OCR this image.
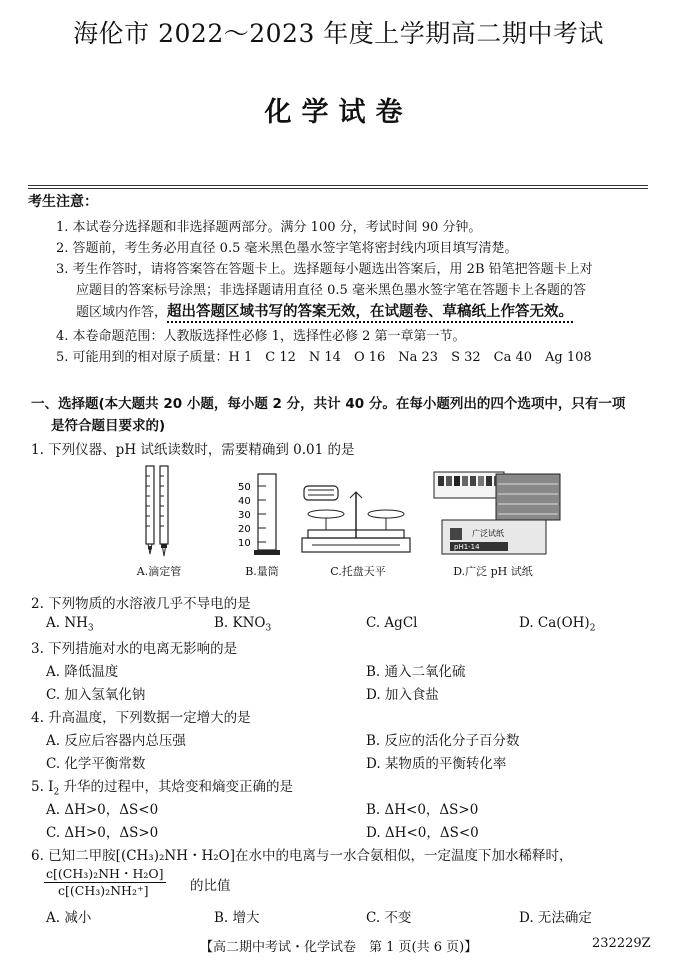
海伦市 2022～2023 年度上学期高二期中考试
化学试卷
考生注意：
1. 本试卷分选择题和非选择题两部分。满分 100 分，考试时间 90 分钟。
2. 答题前，考生务必用直径 0.5 毫米黑色墨水签字笔将密封线内项目填写清楚。
3. 考生作答时，请将答案答在答题卡上。选择题每小题选出答案后，用 2B 铅笔把答题卡上对
应题目的答案标号涂黑；非选择题请用直径 0.5 毫米黑色墨水签字笔在答题卡上各题的答
题区域内作答，超出答题区域书写的答案无效，在试题卷、草稿纸上作答无效。
4. 本卷命题范围：人教版选择性必修 1，选择性必修 2 第一章第一节。
5. 可能用到的相对原子质量：H 1　C 12　N 14　O 16　Na 23　S 32　Ca 40　Ag 108
一、选择题(本大题共 20 小题，每小题 2 分，共计 40 分。在每小题列出的四个选项中，只有一项
是符合题目要求的)
1. 下列仪器、pH 试纸读数时，需要精确到 0.01 的是
A.滴定管
50
40
30
20
10
B.量筒	C.托盘天平
广泛试纸
pH1-14
D.广泛 pH 试纸
2. 下列物质的水溶液几乎不导电的是
A. $NH_3$	B. $KNO_3$	C. AgCl	D. $Ca(OH)_2$
3. 下列措施对水的电离无影响的是
A. 降低温度	B. 通入二氧化硫
C. 加入氢氧化钠	D. 加入食盐
4. 升高温度，下列数据一定增大的是
A. 反应后容器内总压强	B. 反应的活化分子百分数
C. 化学平衡常数	D. 某物质的平衡转化率
5. $I_2$ 升华的过程中，其焓变和熵变正确的是
A. ΔH>0，ΔS<0	B. ΔH<0，ΔS>0
C. ΔH>0，ΔS>0	D. ΔH<0，ΔS<0
6. 已知二甲胺[(CH₃)₂NH・H₂O]在水中的电离与一水合氨相似，一定温度下加水稀释时，
$\frac{\text{c[(CH₃)₂NH・H₂O]}}{\text{c[(CH₃)₂NH₂⁺]}}$ 的比值
A. 减小	B. 增大	C. 不变	D. 无法确定
【高二期中考试・化学试卷　第 1 页(共 6 页)】	232229Z
